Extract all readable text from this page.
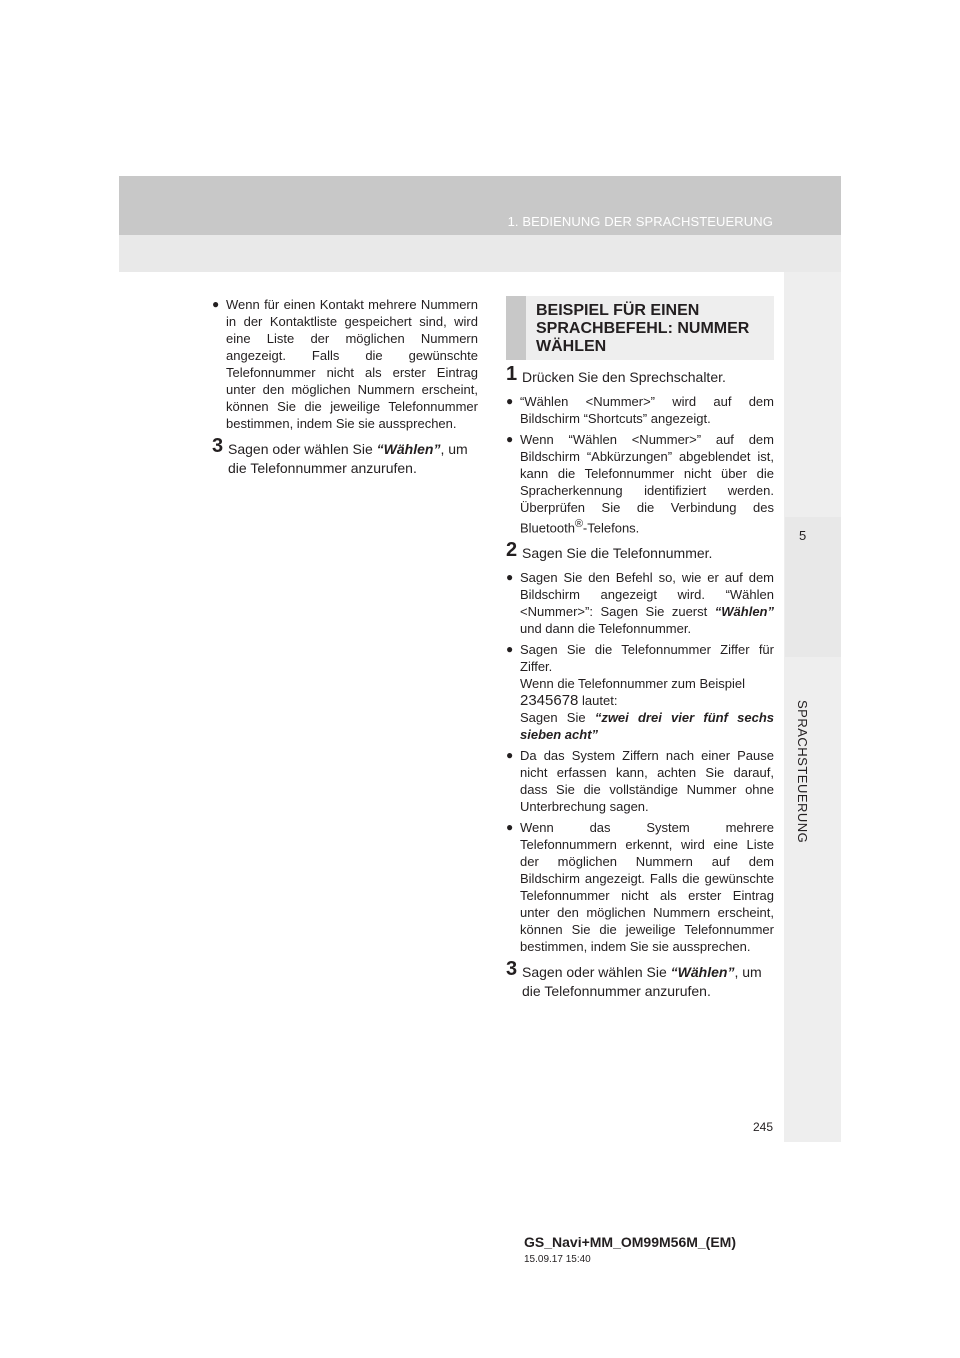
1. BEDIENUNG DER SPRACHSTEUERUNG
5
SPRACHSTEUERUNG
● Wenn für einen Kontakt mehrere Nummern in der Kontaktliste gespeichert sind, wird eine Liste der möglichen Nummern angezeigt. Falls die gewünschte Telefonnummer nicht als erster Eintrag unter den möglichen Nummern erscheint, können Sie die jeweilige Telefonnummer bestimmen, indem Sie sie aussprechen.
3 Sagen oder wählen Sie “Wählen”, um die Telefonnummer anzurufen.
BEISPIEL FÜR EINEN SPRACHBEFEHL: NUMMER WÄHLEN
1 Drücken Sie den Sprechschalter.
● “Wählen <Nummer>” wird auf dem Bildschirm “Shortcuts” angezeigt.
● Wenn “Wählen <Nummer>” auf dem Bildschirm “Abkürzungen” abgeblendet ist, kann die Telefonnummer nicht über die Spracherkennung identifiziert werden. Überprüfen Sie die Verbindung des Bluetooth®-Telefons.
2 Sagen Sie die Telefonnummer.
● Sagen Sie den Befehl so, wie er auf dem Bildschirm angezeigt wird. “Wählen <Nummer>”: Sagen Sie zuerst “Wählen” und dann die Telefonnummer.
● Sagen Sie die Telefonnummer Ziffer für Ziffer.
Wenn die Telefonnummer zum Beispiel
2345678 lautet:
Sagen Sie “zwei drei vier fünf sechs sieben acht”
● Da das System Ziffern nach einer Pause nicht erfassen kann, achten Sie darauf, dass Sie die vollständige Nummer ohne Unterbrechung sagen.
● Wenn das System mehrere Telefonnummern erkennt, wird eine Liste der möglichen Nummern auf dem Bildschirm angezeigt. Falls die gewünschte Telefonnummer nicht als erster Eintrag unter den möglichen Nummern erscheint, können Sie die jeweilige Telefonnummer bestimmen, indem Sie sie aussprechen.
3 Sagen oder wählen Sie “Wählen”, um die Telefonnummer anzurufen.
245
GS_Navi+MM_OM99M56M_(EM)
15.09.17 15:40
